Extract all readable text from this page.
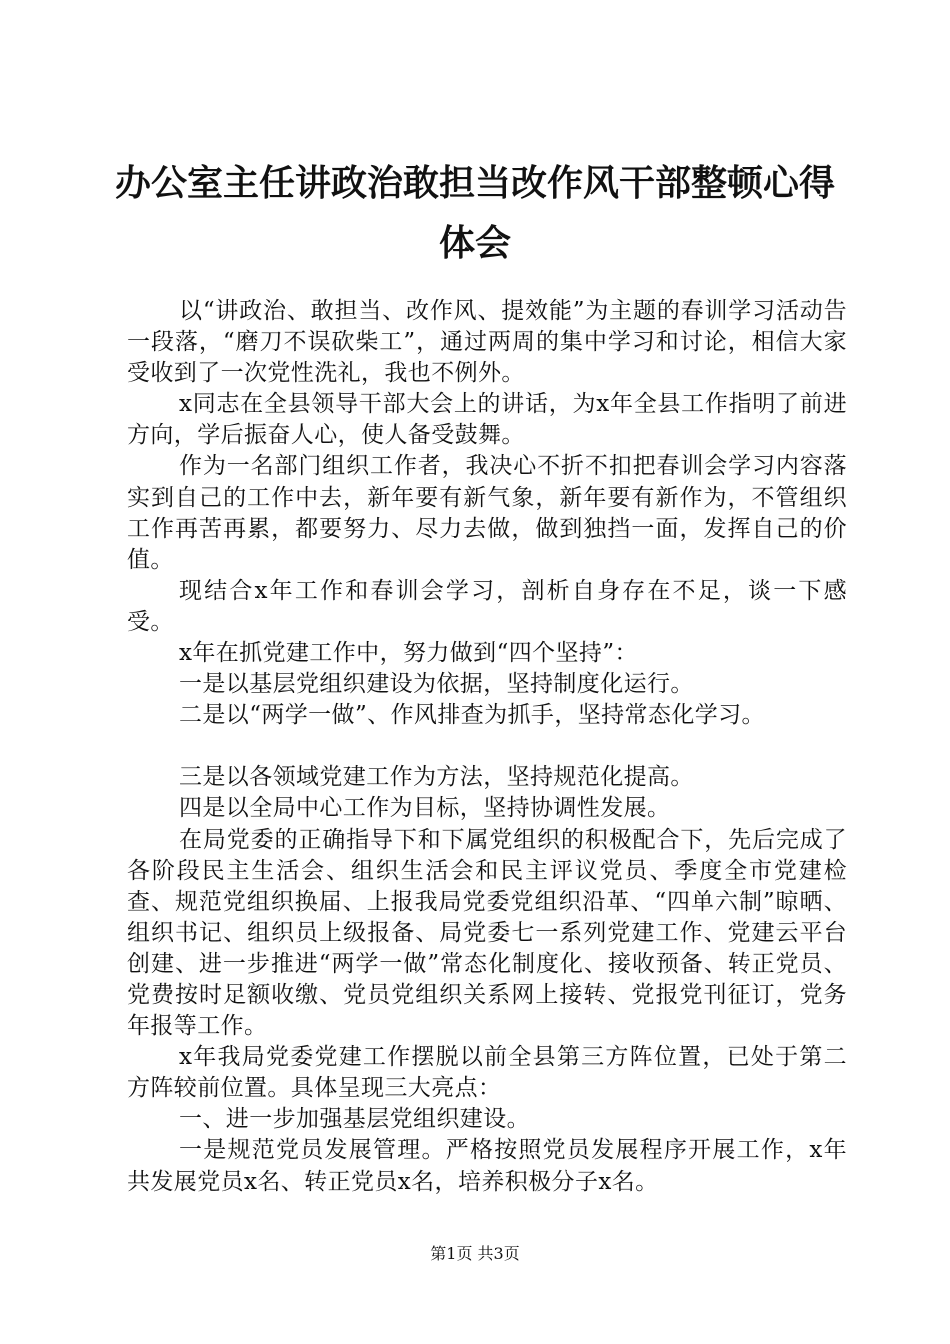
办公室主任讲政治敢担当改作风干部整顿心得
体会

以“讲政治、敢担当、改作风、提效能”为主题的春训学习活动告一段落，“磨刀不误砍柴工”，通过两周的集中学习和讨论，相信大家受收到了一次党性洗礼，我也不例外。

x同志在全县领导干部大会上的讲话，为x年全县工作指明了前进方向，学后振奋人心，使人备受鼓舞。

作为一名部门组织工作者，我决心不折不扣把春训会学习内容落实到自己的工作中去，新年要有新气象，新年要有新作为，不管组织工作再苦再累，都要努力、尽力去做，做到独挡一面，发挥自己的价值。

现结合x年工作和春训会学习，剖析自身存在不足，谈一下感受。

x年在抓党建工作中，努力做到“四个坚持”：

一是以基层党组织建设为依据，坚持制度化运行。

二是以“两学一做”、作风排查为抓手，坚持常态化学习。

三是以各领域党建工作为方法，坚持规范化提高。

四是以全局中心工作为目标，坚持协调性发展。

在局党委的正确指导下和下属党组织的积极配合下，先后完成了各阶段民主生活会、组织生活会和民主评议党员、季度全市党建检查、规范党组织换届、上报我局党委党组织沿革、“四单六制”晾晒、组织书记、组织员上级报备、局党委七一系列党建工作、党建云平台创建、进一步推进“两学一做”常态化制度化、接收预备、转正党员、党费按时足额收缴、党员党组织关系网上接转、党报党刊征订，党务年报等工作。

x年我局党委党建工作摆脱以前全县第三方阵位置，已处于第二方阵较前位置。具体呈现三大亮点：

一、进一步加强基层党组织建设。

一是规范党员发展管理。严格按照党员发展程序开展工作，x年共发展党员x名、转正党员x名，培养积极分子x名。

第1页 共3页
